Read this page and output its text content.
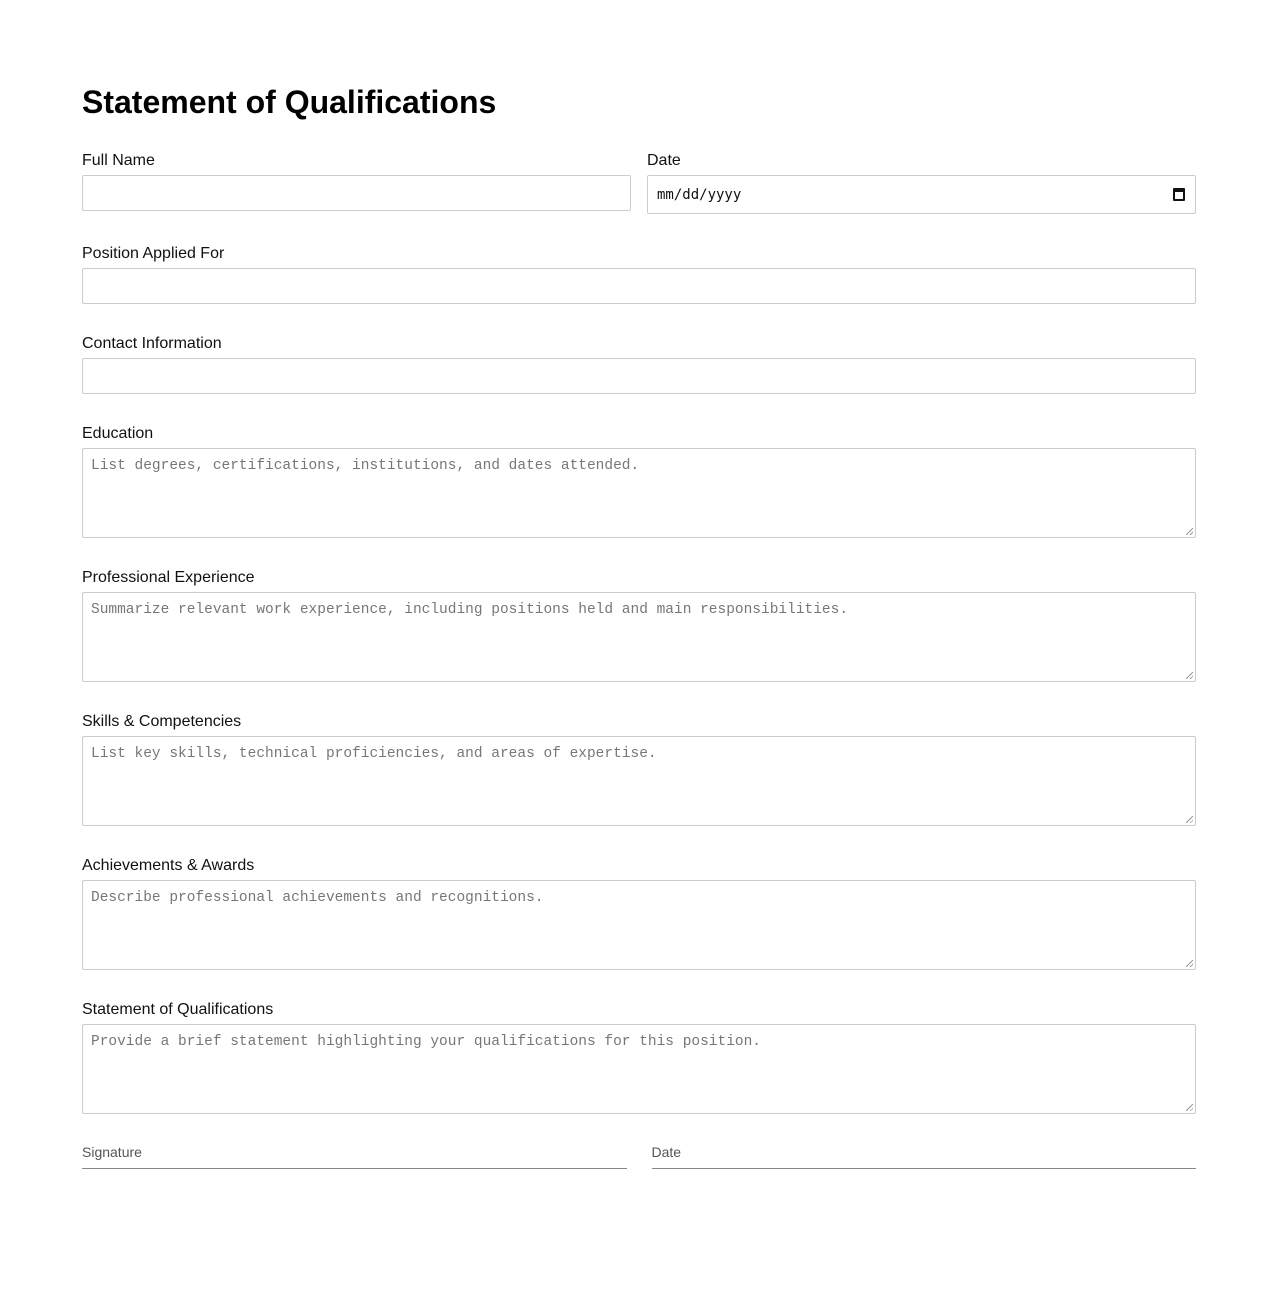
Statement of Qualifications
Full Name	Date
mm/dd/yyyy
Position Applied For
Contact Information
Education
List degrees, certifications, institutions, and dates attended.
Professional Experience
Summarize relevant work experience, including positions held and main responsibilities.
Skills & Competencies
List key skills, technical proficiencies, and areas of expertise.
Achievements & Awards
Describe professional achievements and recognitions.
Statement of Qualifications
Provide a brief statement highlighting your qualifications for this position.
Signature	Date
